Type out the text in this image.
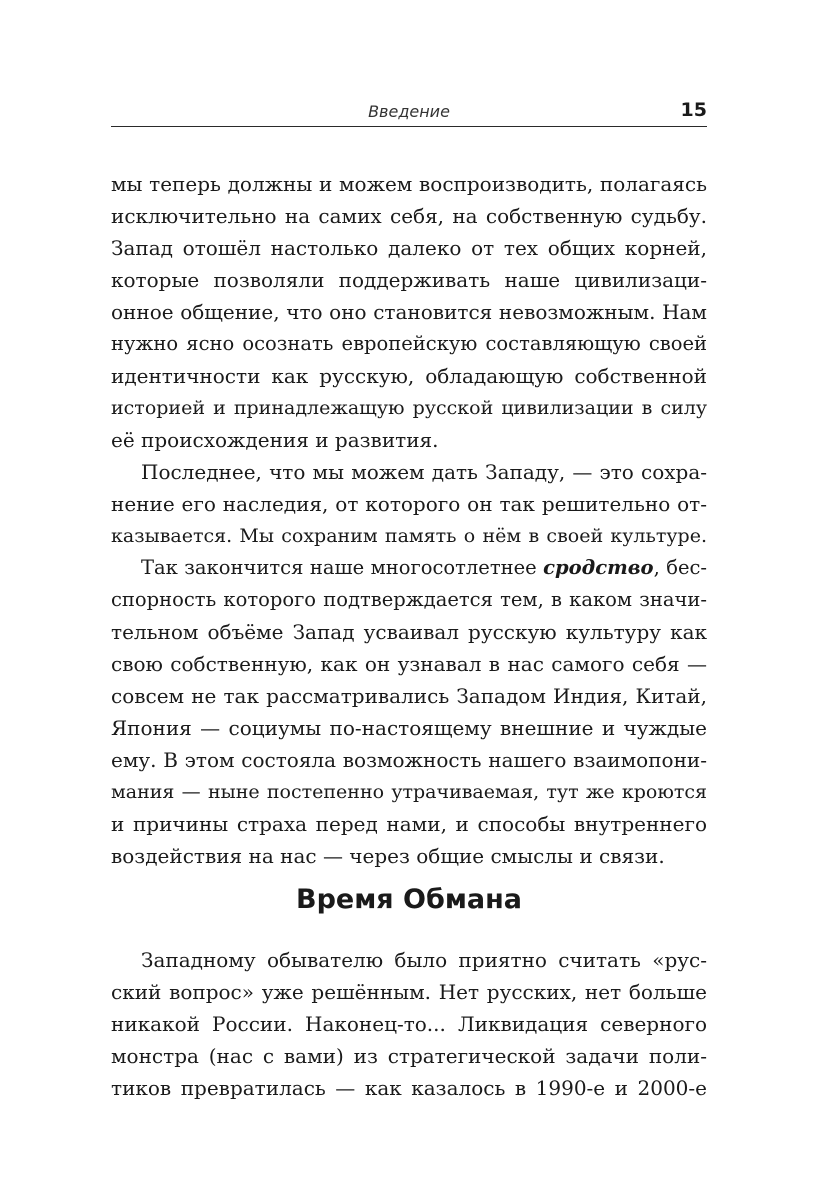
Введение	15
мы теперь должны и можем воспроизводить, полагаясь
исключительно на самих себя, на собственную судьбу.
Запад отошёл настолько далеко от тех общих корней,
которые позволяли поддерживать наше цивилизаци-
онное общение, что оно становится невозможным. Нам
нужно ясно осознать европейскую составляющую своей
идентичности как русскую, обладающую собственной
историей и принадлежащую русской цивилизации в силу
её происхождения и развития.
Последнее, что мы можем дать Западу, — это сохра-
нение его наследия, от которого он так решительно от-
казывается. Мы сохраним память о нём в своей культуре.
Так закончится наше многосотлетнее сродство, бес-
спорность которого подтверждается тем, в каком значи-
тельном объёме Запад усваивал русскую культуру как
свою собственную, как он узнавал в нас самого себя —
совсем не так рассматривались Западом Индия, Китай,
Япония — социумы по-настоящему внешние и чуждые
ему. В этом состояла возможность нашего взаимопони-
мания — ныне постепенно утрачиваемая, тут же кроются
и причины страха перед нами, и способы внутреннего
воздействия на нас — через общие смыслы и связи.
Время Обмана
Западному обывателю было приятно считать «рус-
ский вопрос» уже решённым. Нет русских, нет больше
никакой России. Наконец-то... Ликвидация северного
монстра (нас с вами) из стратегической задачи поли-
тиков превратилась — как казалось в 1990-е и 2000-е
